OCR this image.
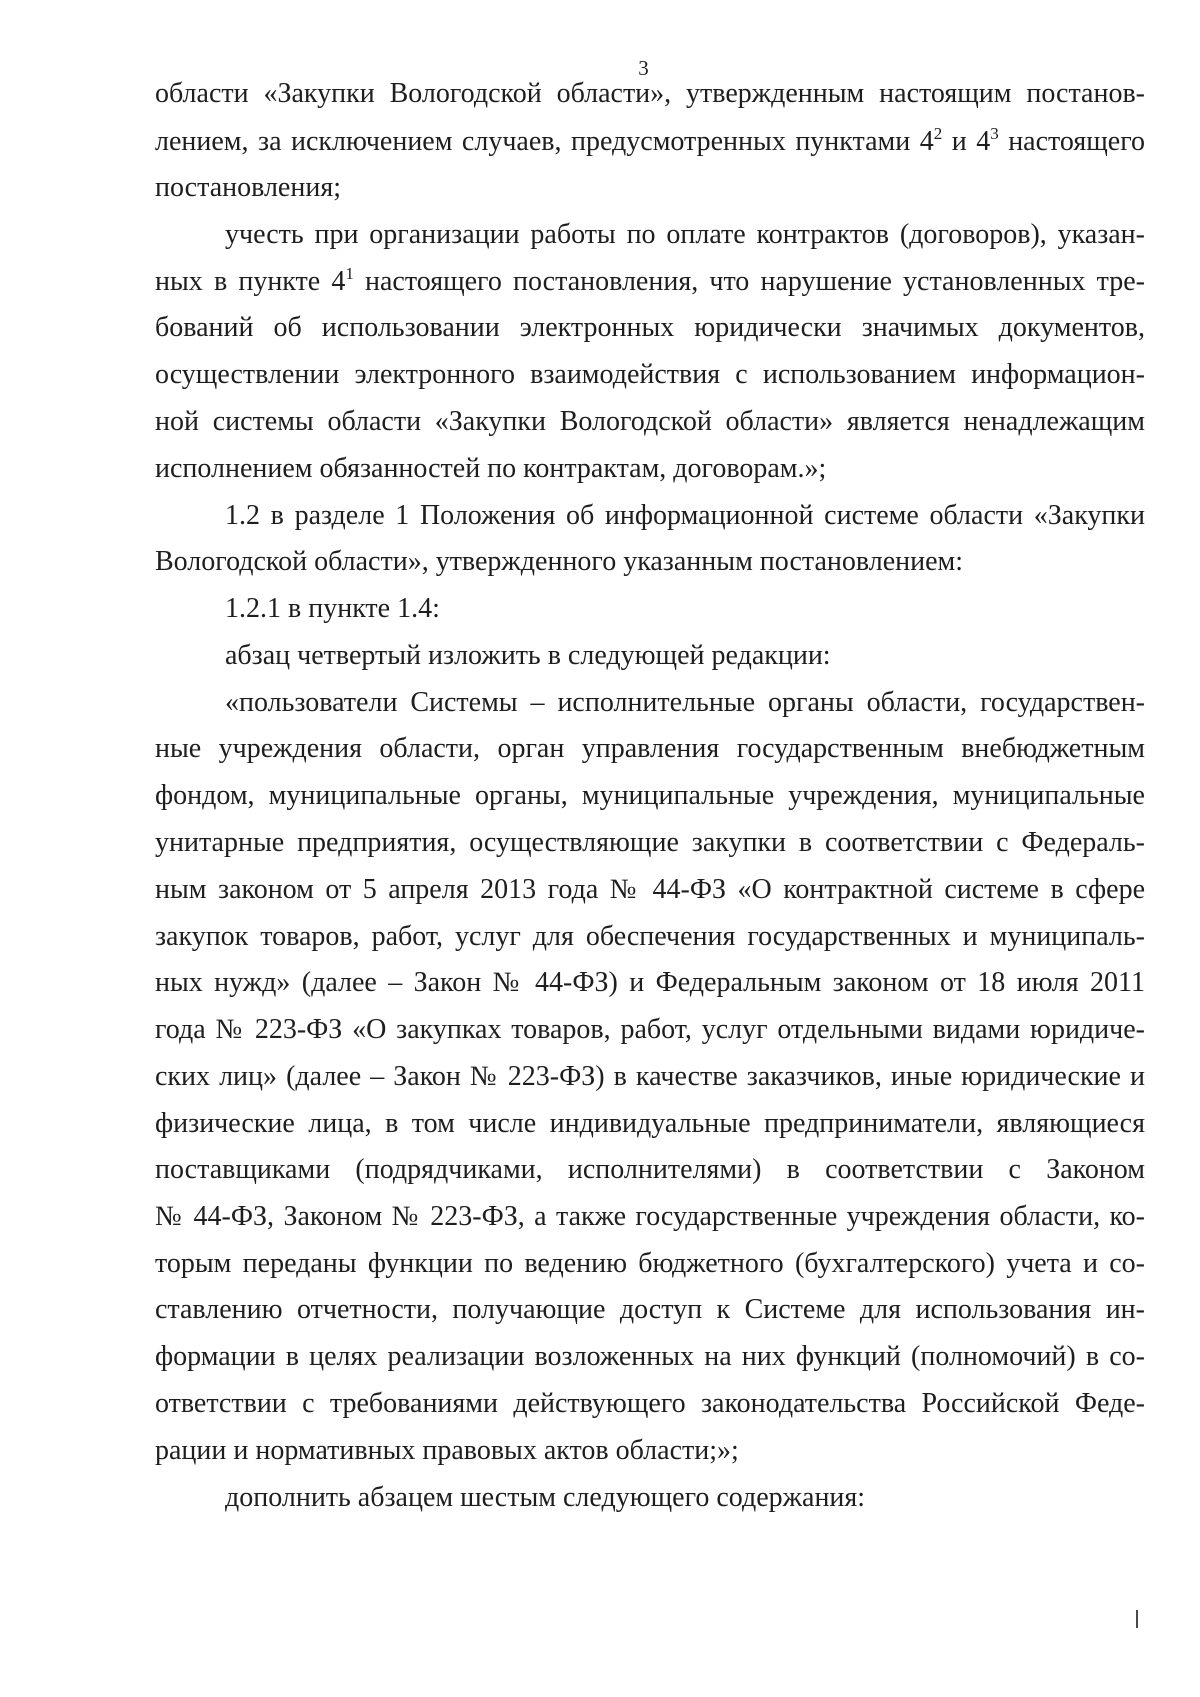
3
области «Закупки Вологодской области», утвержденным настоящим постанов-
лением, за исключением случаев, предусмотренных пунктами $4^2$ и $4^3$ настоящего
постановления;
учесть при организации работы по оплате контрактов (договоров), указан-
ных в пункте $4^1$ настоящего постановления, что нарушение установленных тре-
бований об использовании электронных юридически значимых документов,
осуществлении электронного взаимодействия с использованием информацион-
ной системы области «Закупки Вологодской области» является ненадлежащим
исполнением обязанностей по контрактам, договорам.»;
1.2 в разделе 1 Положения об информационной системе области «Закупки
Вологодской области», утвержденного указанным постановлением:
1.2.1 в пункте 1.4:
абзац четвертый изложить в следующей редакции:
«пользователи Системы – исполнительные органы области, государствен-
ные учреждения области, орган управления государственным внебюджетным
фондом, муниципальные органы, муниципальные учреждения, муниципальные
унитарные предприятия, осуществляющие закупки в соответствии с Федераль-
ным законом от 5 апреля 2013 года № 44-ФЗ «О контрактной системе в сфере
закупок товаров, работ, услуг для обеспечения государственных и муниципаль-
ных нужд» (далее – Закон № 44-ФЗ) и Федеральным законом от 18 июля 2011
года № 223-ФЗ «О закупках товаров, работ, услуг отдельными видами юридиче-
ских лиц» (далее – Закон № 223-ФЗ) в качестве заказчиков, иные юридические и
физические лица, в том числе индивидуальные предприниматели, являющиеся
поставщиками (подрядчиками, исполнителями) в соответствии с Законом
№ 44-ФЗ, Законом № 223-ФЗ, а также государственные учреждения области, ко-
торым переданы функции по ведению бюджетного (бухгалтерского) учета и со-
ставлению отчетности, получающие доступ к Системе для использования ин-
формации в целях реализации возложенных на них функций (полномочий) в со-
ответствии с требованиями действующего законодательства Российской Феде-
рации и нормативных правовых актов области;»;
дополнить абзацем шестым следующего содержания:
